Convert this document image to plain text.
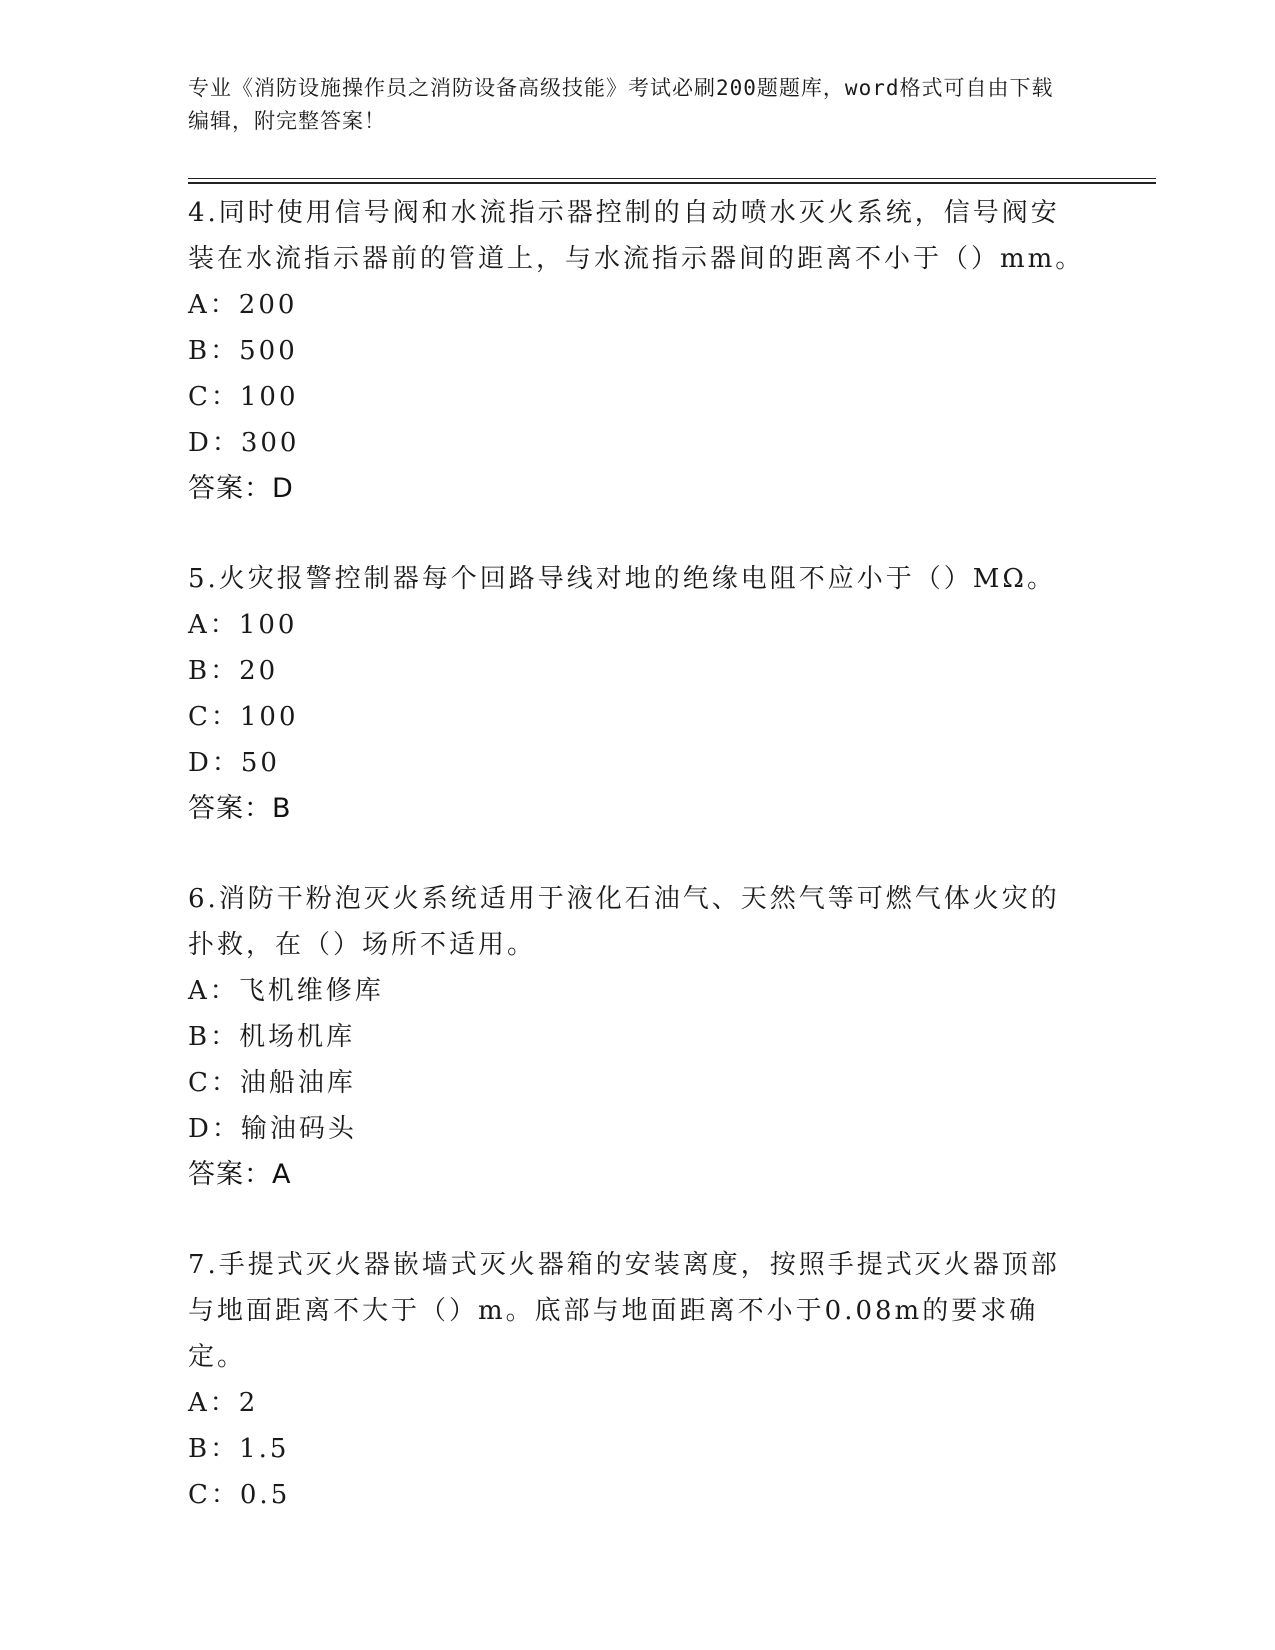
专业《消防设施操作员之消防设备高级技能》考试必刷200题题库，word格式可自由下载编辑，附完整答案！

4.同时使用信号阀和水流指示器控制的自动喷水灭火系统，信号阀安装在水流指示器前的管道上，与水流指示器间的距离不小于（）mm。

A：200

B：500

C：100

D：300

答案：D

5.火灾报警控制器每个回路导线对地的绝缘电阻不应小于（）MΩ。

A：100

B：20

C：100

D：50

答案：B

6.消防干粉泡灭火系统适用于液化石油气、天然气等可燃气体火灾的扑救，在（）场所不适用。

A：飞机维修库

B：机场机库

C：油船油库

D：输油码头

答案：A

7.手提式灭火器嵌墙式灭火器箱的安装离度，按照手提式灭火器顶部与地面距离不大于（）m。底部与地面距离不小于0.08m的要求确定。

A：2

B：1.5

C：0.5
